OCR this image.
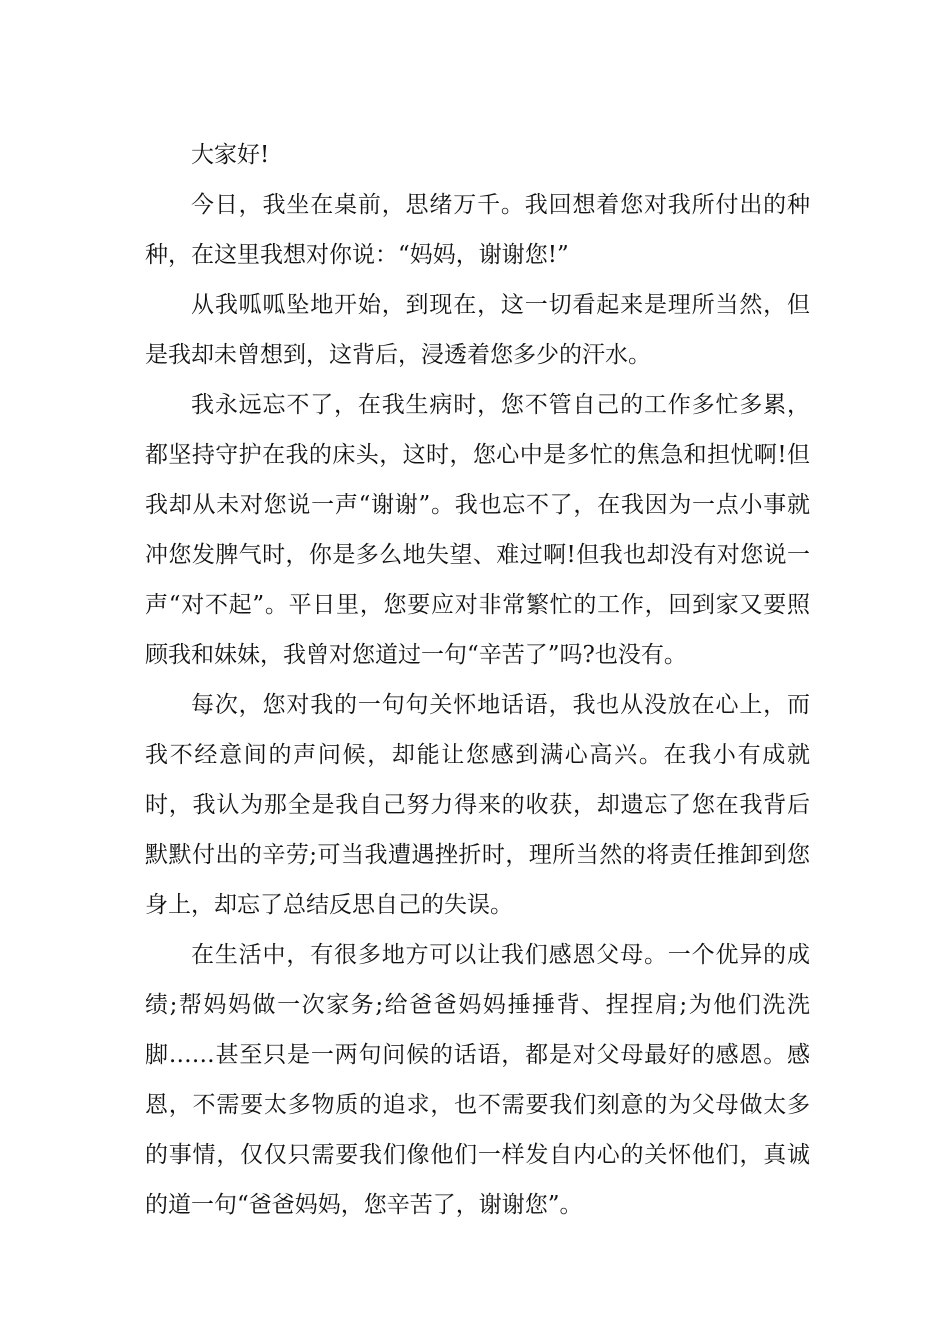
大家好!

今日，我坐在桌前，思绪万千。我回想着您对我所付出的种种，在这里我想对你说：“妈妈，谢谢您!”

从我呱呱坠地开始，到现在，这一切看起来是理所当然，但是我却未曾想到，这背后，浸透着您多少的汗水。

我永远忘不了，在我生病时，您不管自己的工作多忙多累，都坚持守护在我的床头，这时，您心中是多忙的焦急和担忧啊!但我却从未对您说一声“谢谢”。我也忘不了，在我因为一点小事就冲您发脾气时，你是多么地失望、难过啊!但我也却没有对您说一声“对不起”。平日里，您要应对非常繁忙的工作，回到家又要照顾我和妹妹，我曾对您道过一句“辛苦了”吗?也没有。

每次，您对我的一句句关怀地话语，我也从没放在心上，而我不经意间的声问候，却能让您感到满心高兴。在我小有成就时，我认为那全是我自己努力得来的收获，却遗忘了您在我背后默默付出的辛劳;可当我遭遇挫折时，理所当然的将责任推卸到您身上，却忘了总结反思自己的失误。

在生活中，有很多地方可以让我们感恩父母。一个优异的成绩;帮妈妈做一次家务;给爸爸妈妈捶捶背、捏捏肩;为他们洗洗脚……甚至只是一两句问候的话语，都是对父母最好的感恩。感恩，不需要太多物质的追求，也不需要我们刻意的为父母做太多的事情，仅仅只需要我们像他们一样发自内心的关怀他们，真诚的道一句“爸爸妈妈，您辛苦了，谢谢您”。
